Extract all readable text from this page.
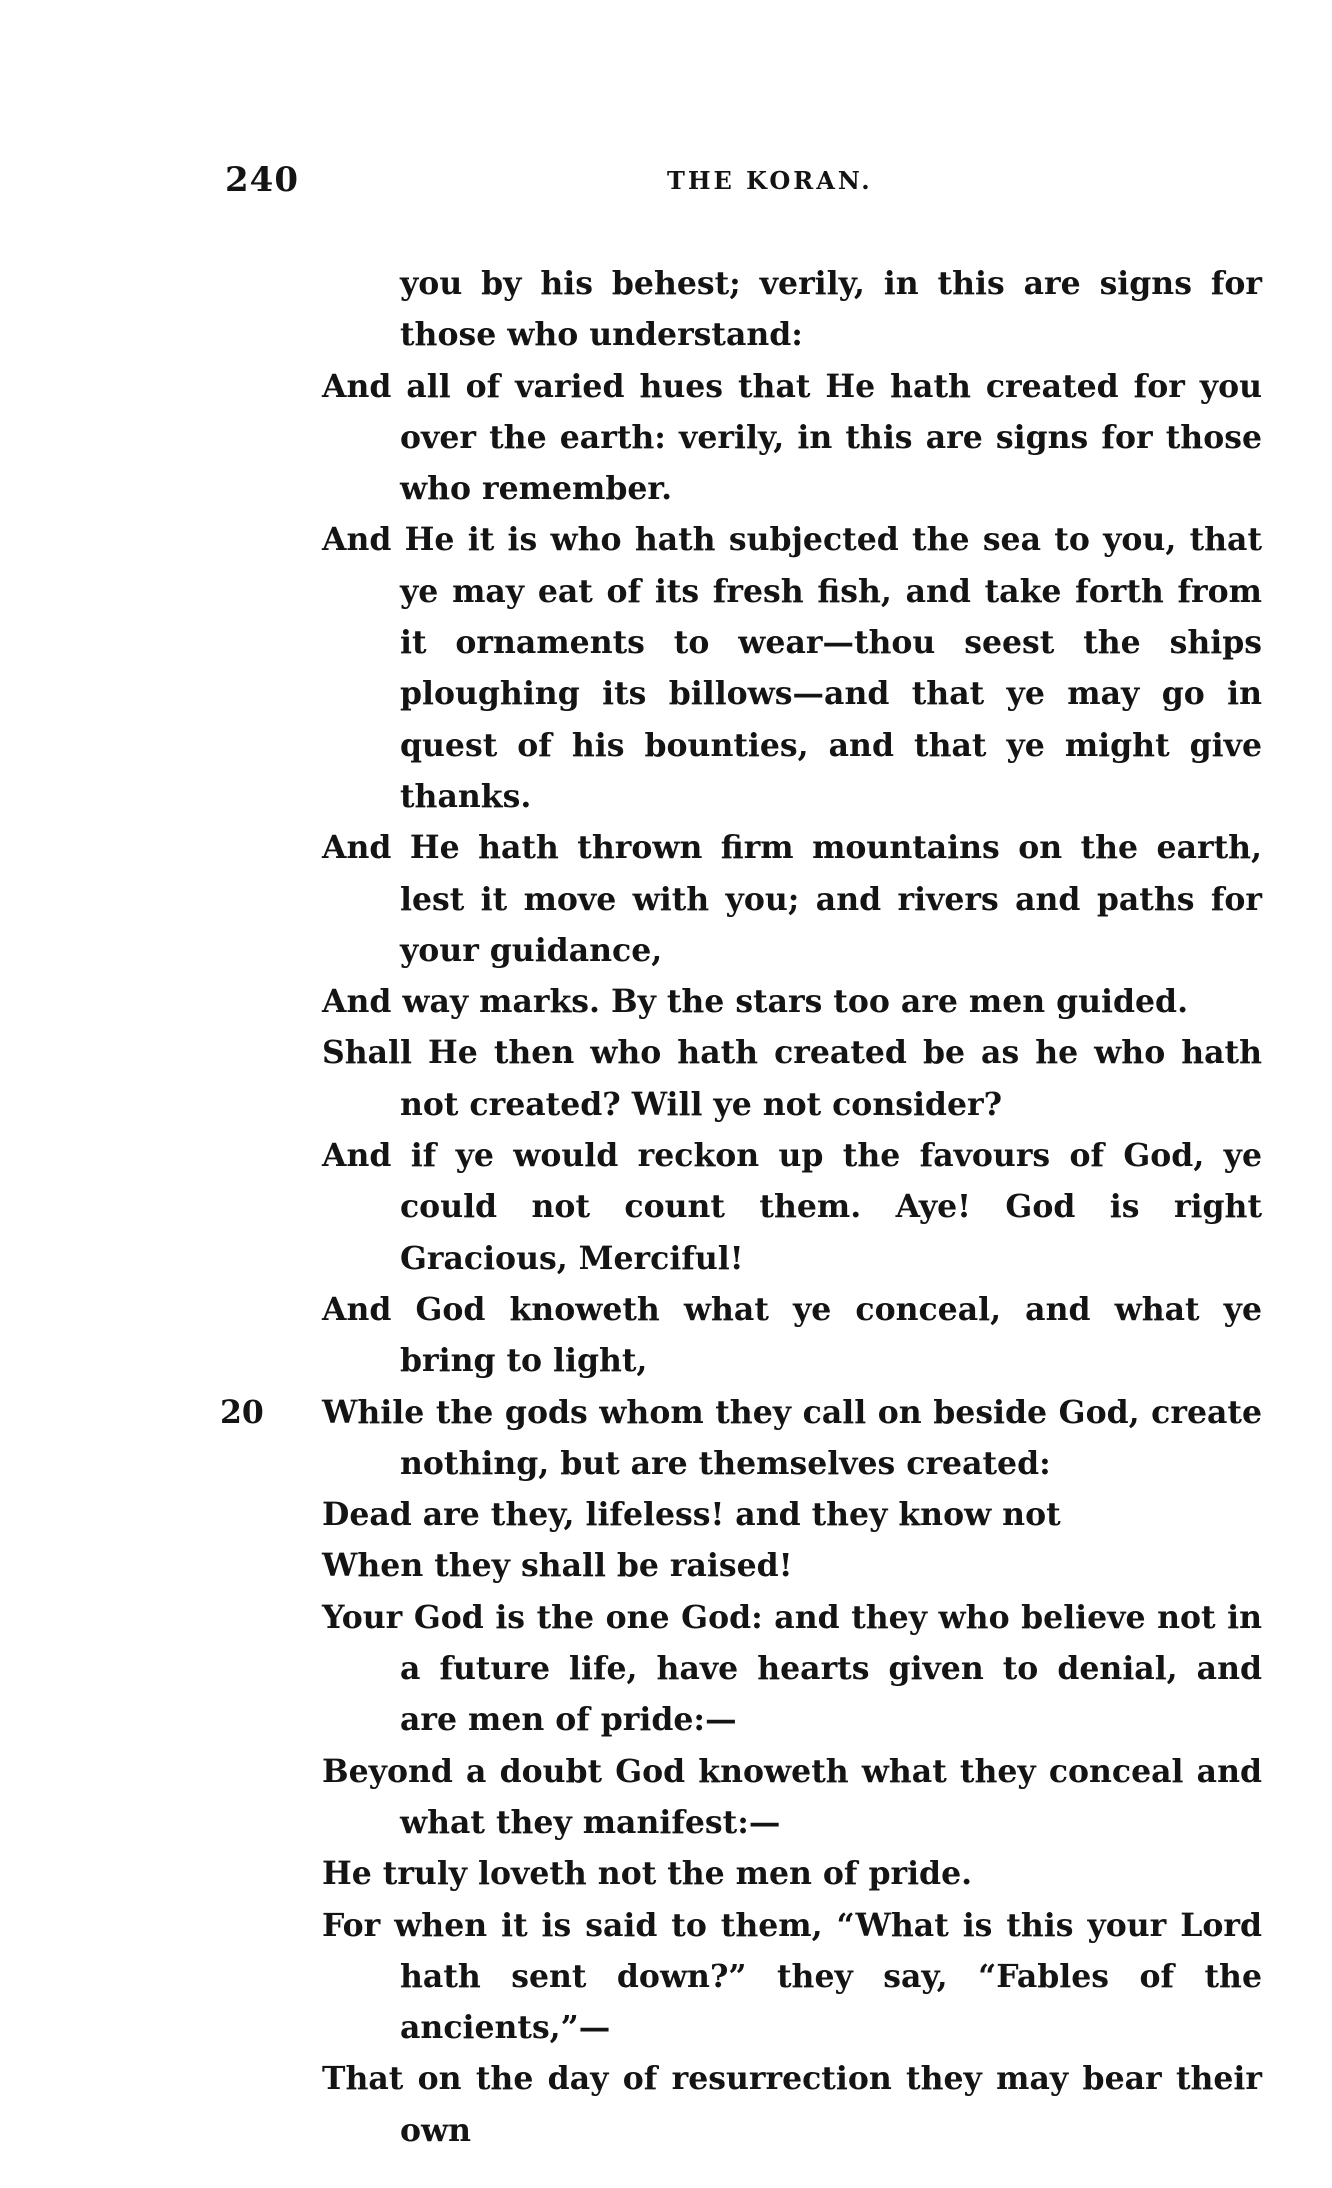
240	THE KORAN.

you by his behest; verily, in this are signs for those who understand:

And all of varied hues that He hath created for you over the earth: verily, in this are signs for those who remember.

And He it is who hath subjected the sea to you, that ye may eat of its fresh fish, and take forth from it ornaments to wear—thou seest the ships ploughing its billows—and that ye may go in quest of his bounties, and that ye might give thanks.

And He hath thrown firm mountains on the earth, lest it move with you; and rivers and paths for your guidance,

And way marks. By the stars too are men guided.

Shall He then who hath created be as he who hath not created? Will ye not consider?

And if ye would reckon up the favours of God, ye could not count them. Aye! God is right Gracious, Merciful!

And God knoweth what ye conceal, and what ye bring to light,

20 While the gods whom they call on beside God, create nothing, but are themselves created:

Dead are they, lifeless! and they know not

When they shall be raised!

Your God is the one God: and they who believe not in a future life, have hearts given to denial, and are men of pride:—

Beyond a doubt God knoweth what they conceal and what they manifest:—

He truly loveth not the men of pride.

For when it is said to them, “What is this your Lord hath sent down?” they say, “Fables of the ancients,”—

That on the day of resurrection they may bear their own
